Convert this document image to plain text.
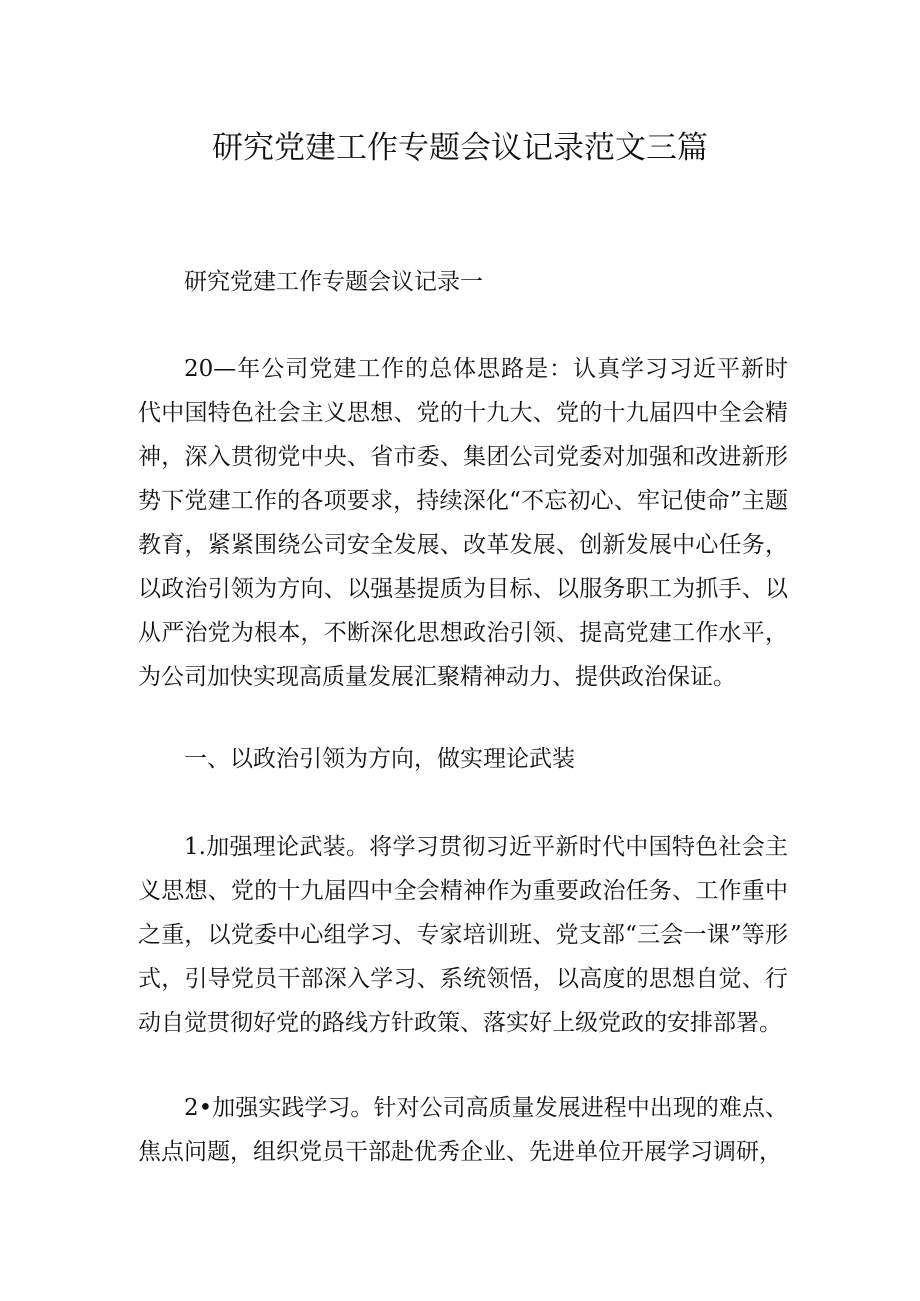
研究党建工作专题会议记录范文三篇

研究党建工作专题会议记录一

20—年公司党建工作的总体思路是：认真学习习近平新时代中国特色社会主义思想、党的十九大、党的十九届四中全会精神，深入贯彻党中央、省市委、集团公司党委对加强和改进新形势下党建工作的各项要求，持续深化“不忘初心、牢记使命”主题教育，紧紧围绕公司安全发展、改革发展、创新发展中心任务，以政治引领为方向、以强基提质为目标、以服务职工为抓手、以从严治党为根本，不断深化思想政治引领、提高党建工作水平，为公司加快实现高质量发展汇聚精神动力、提供政治保证。

一、以政治引领为方向，做实理论武装

1.加强理论武装。将学习贯彻习近平新时代中国特色社会主义思想、党的十九届四中全会精神作为重要政治任务、工作重中之重，以党委中心组学习、专家培训班、党支部“三会一课”等形式，引导党员干部深入学习、系统领悟，以高度的思想自觉、行动自觉贯彻好党的路线方针政策、落实好上级党政的安排部署。

2•加强实践学习。针对公司高质量发展进程中出现的难点、焦点问题，组织党员干部赴优秀企业、先进单位开展学习调研，
